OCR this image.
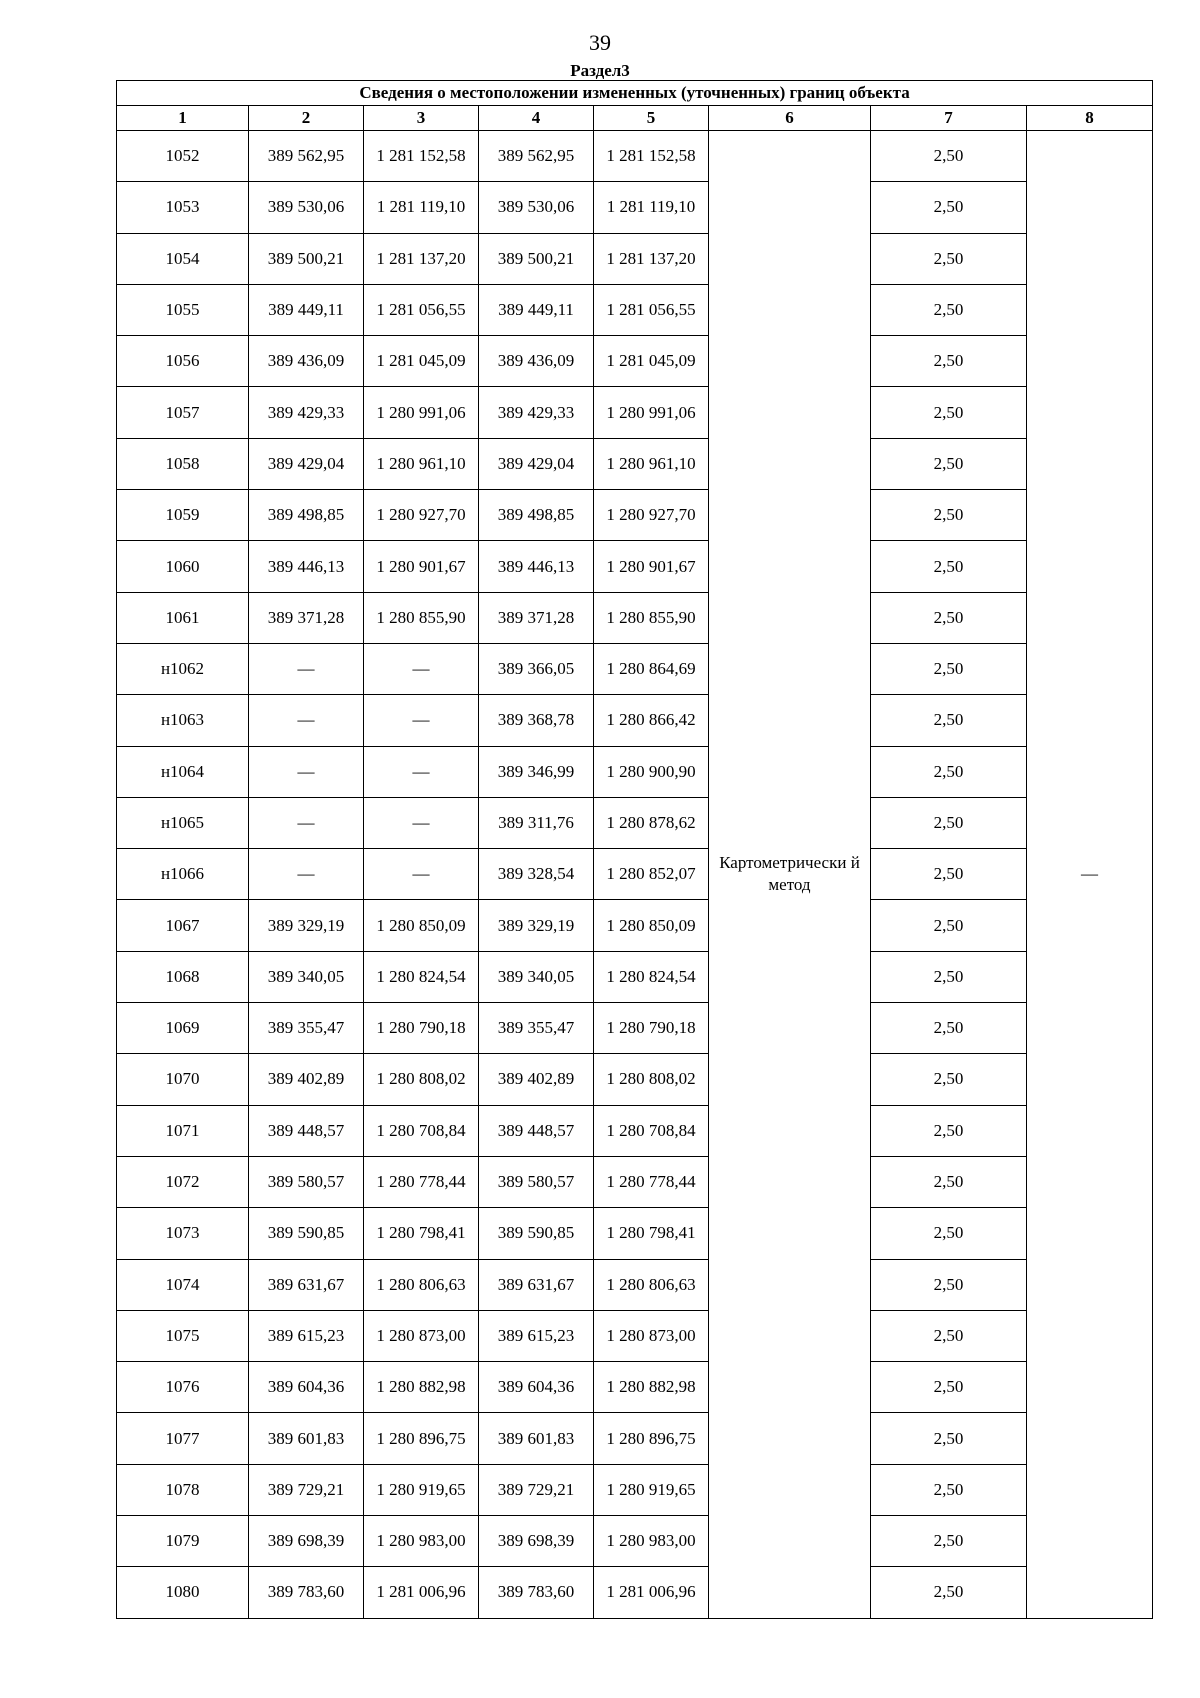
39
Раздел3
Сведения о местоположении измененных (уточненных) границ объекта							
1	2	3	4	5	6	7	8
1052	389 562,95	1 281 152,58	389 562,95	1 281 152,58	Картометрически й метод	2,50	—
1053	389 530,06	1 281 119,10	389 530,06	1 281 119,10		2,50	
1054	389 500,21	1 281 137,20	389 500,21	1 281 137,20		2,50	
1055	389 449,11	1 281 056,55	389 449,11	1 281 056,55		2,50	
1056	389 436,09	1 281 045,09	389 436,09	1 281 045,09		2,50	
1057	389 429,33	1 280 991,06	389 429,33	1 280 991,06		2,50	
1058	389 429,04	1 280 961,10	389 429,04	1 280 961,10		2,50	
1059	389 498,85	1 280 927,70	389 498,85	1 280 927,70		2,50	
1060	389 446,13	1 280 901,67	389 446,13	1 280 901,67		2,50	
1061	389 371,28	1 280 855,90	389 371,28	1 280 855,90		2,50	
н1062	—	—	389 366,05	1 280 864,69		2,50	
н1063	—	—	389 368,78	1 280 866,42		2,50	
н1064	—	—	389 346,99	1 280 900,90		2,50	
н1065	—	—	389 311,76	1 280 878,62		2,50	
н1066	—	—	389 328,54	1 280 852,07		2,50	
1067	389 329,19	1 280 850,09	389 329,19	1 280 850,09		2,50	
1068	389 340,05	1 280 824,54	389 340,05	1 280 824,54		2,50	
1069	389 355,47	1 280 790,18	389 355,47	1 280 790,18		2,50	
1070	389 402,89	1 280 808,02	389 402,89	1 280 808,02		2,50	
1071	389 448,57	1 280 708,84	389 448,57	1 280 708,84		2,50	
1072	389 580,57	1 280 778,44	389 580,57	1 280 778,44		2,50	
1073	389 590,85	1 280 798,41	389 590,85	1 280 798,41		2,50	
1074	389 631,67	1 280 806,63	389 631,67	1 280 806,63		2,50	
1075	389 615,23	1 280 873,00	389 615,23	1 280 873,00		2,50	
1076	389 604,36	1 280 882,98	389 604,36	1 280 882,98		2,50	
1077	389 601,83	1 280 896,75	389 601,83	1 280 896,75		2,50	
1078	389 729,21	1 280 919,65	389 729,21	1 280 919,65		2,50	
1079	389 698,39	1 280 983,00	389 698,39	1 280 983,00		2,50	
1080	389 783,60	1 281 006,96	389 783,60	1 281 006,96		2,50	
